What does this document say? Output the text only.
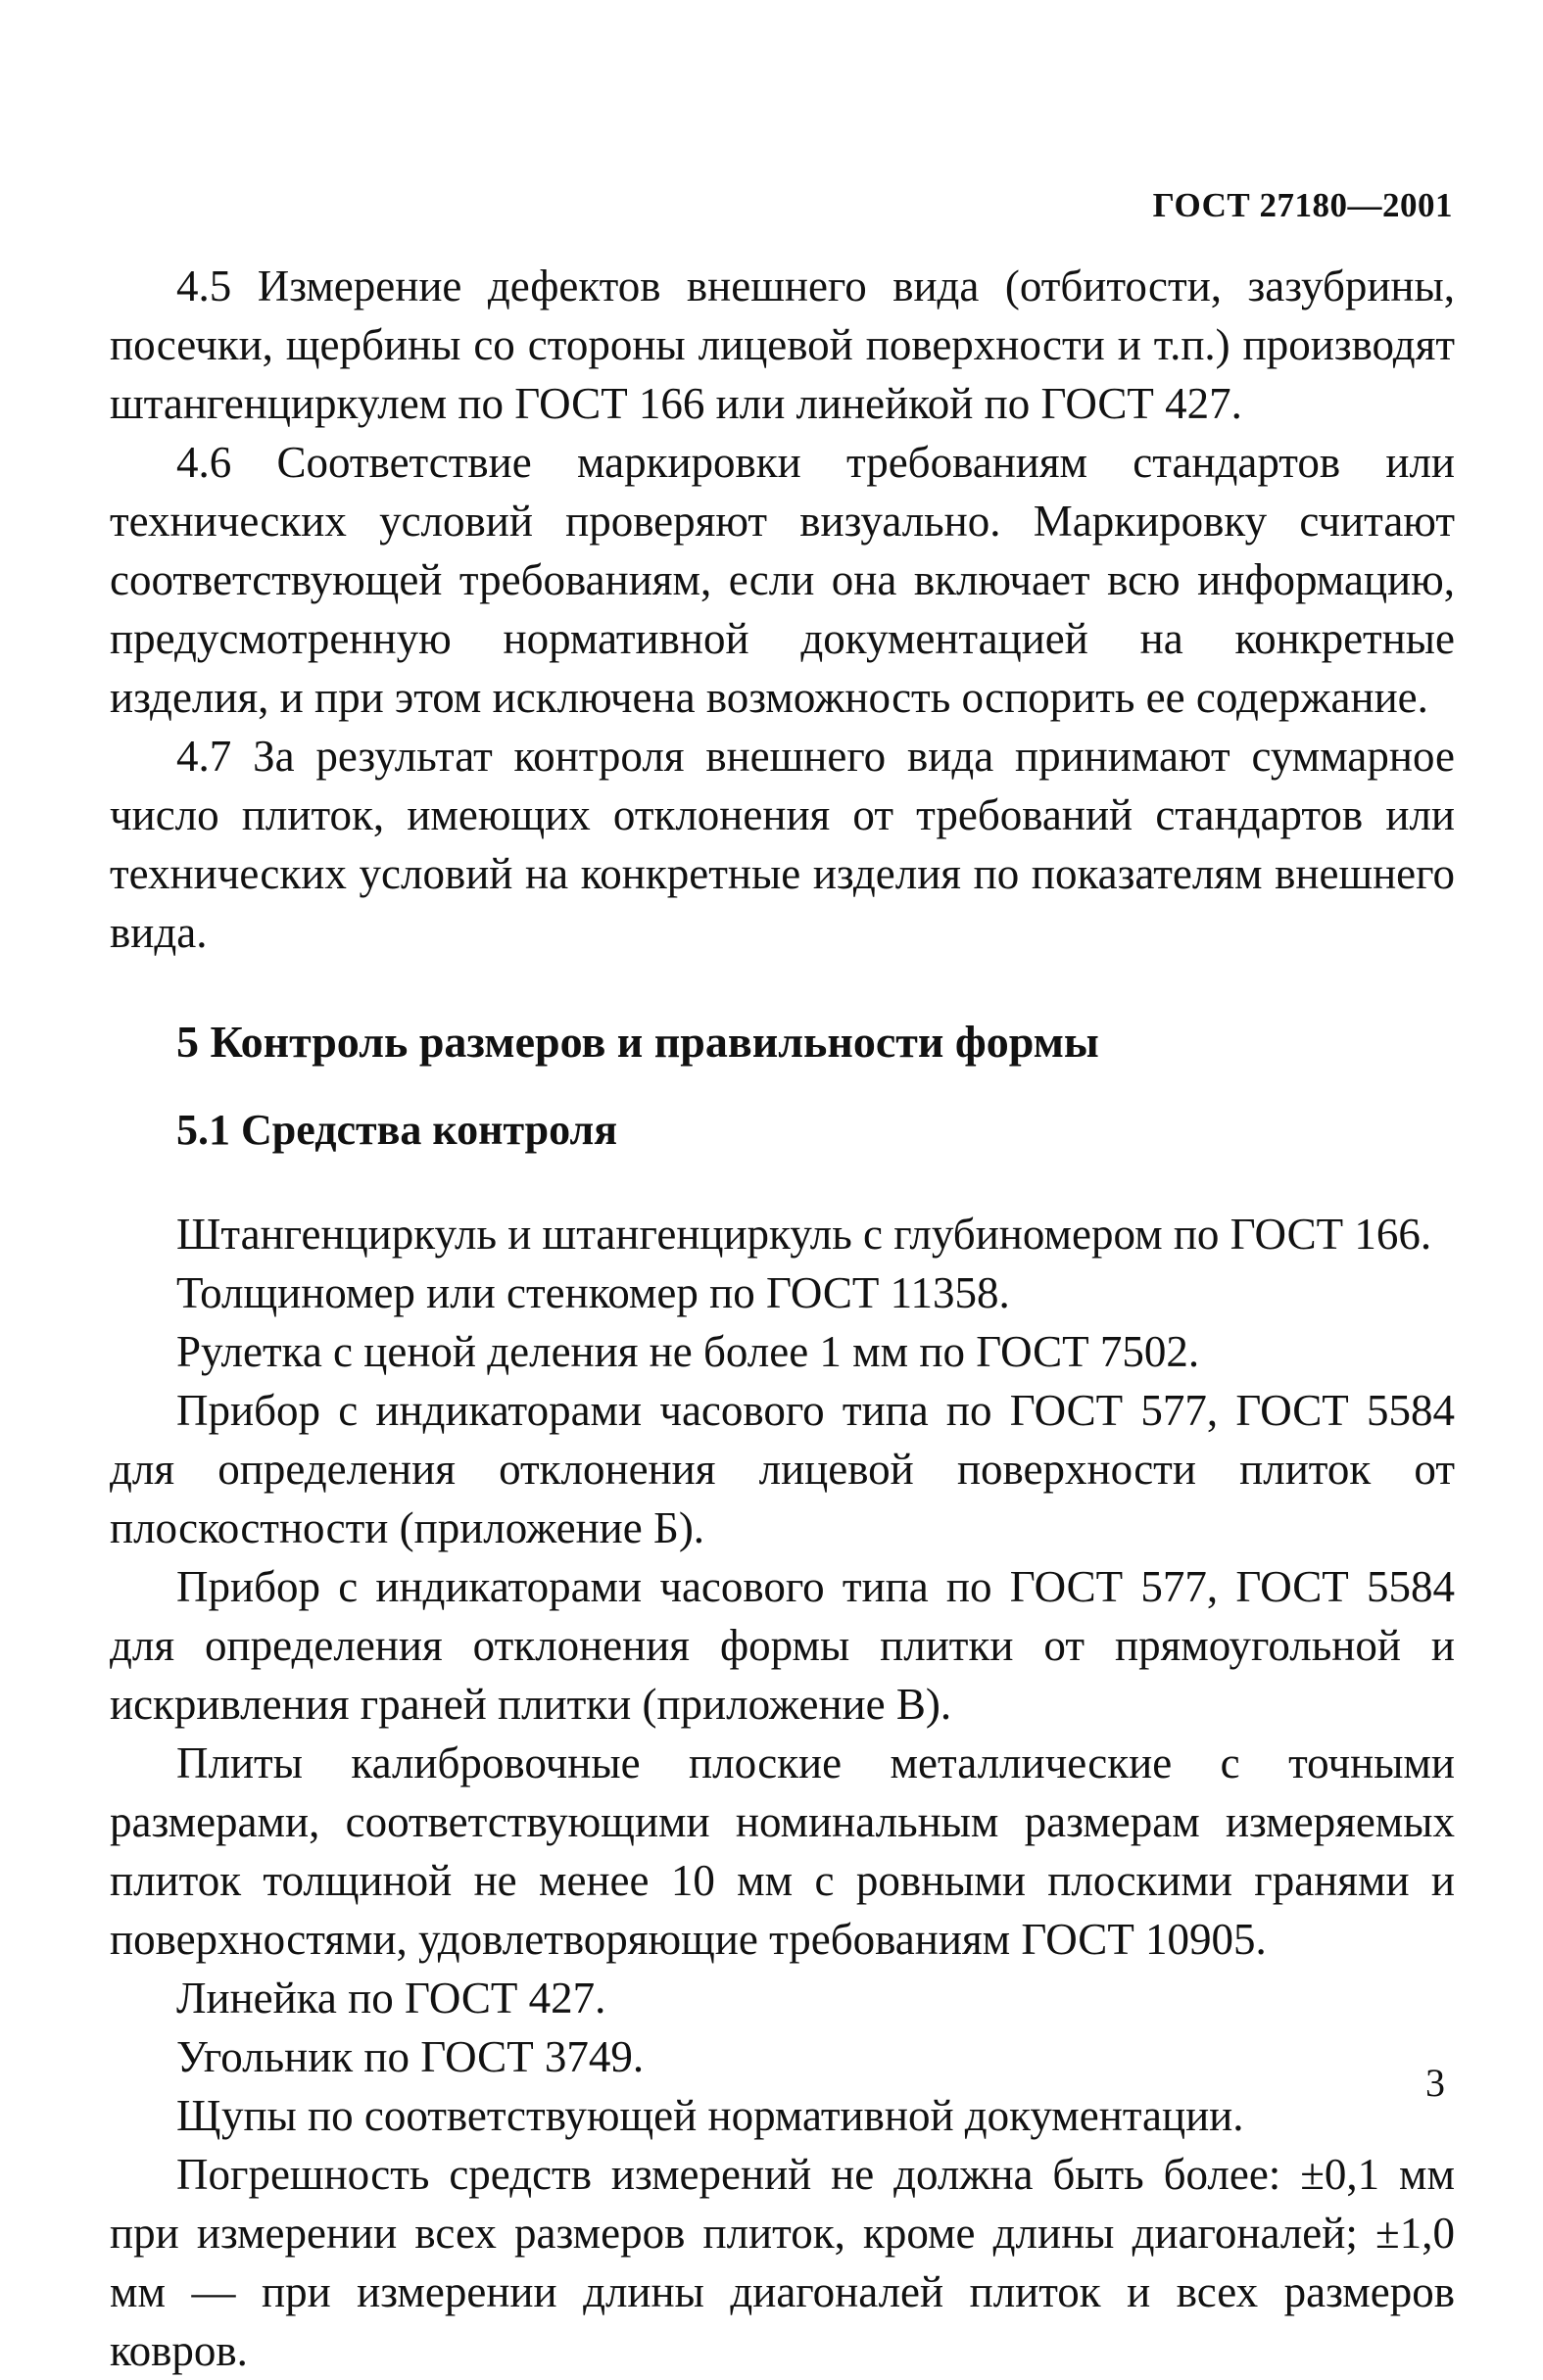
ГОСТ 27180—2001

4.5 Измерение дефектов внешнего вида (отбитости, зазубрины, посечки, щербины со стороны лицевой поверхности и т.п.) производят штангенциркулем по ГОСТ 166 или линейкой по ГОСТ 427.

4.6 Соответствие маркировки требованиям стандартов или технических условий проверяют визуально. Маркировку считают соответствующей требованиям, если она включает всю информацию, предусмотренную нормативной документацией на конкретные изделия, и при этом исключена возможность оспорить ее содержание.

4.7 За результат контроля внешнего вида принимают суммарное число плиток, имеющих отклонения от требований стандартов или технических условий на конкретные изделия по показателям внешнего вида.

5 Контроль размеров и правильности формы
5.1 Средства контроля

Штангенциркуль и штангенциркуль с глубиномером по ГОСТ 166.

Толщиномер или стенкомер по ГОСТ 11358.

Рулетка с ценой деления не более 1 мм по ГОСТ 7502.

Прибор с индикаторами часового типа по ГОСТ 577, ГОСТ 5584 для определения отклонения лицевой поверхности плиток от плоскостности (приложение Б).

Прибор с индикаторами часового типа по ГОСТ 577, ГОСТ 5584 для определения отклонения формы плитки от прямоугольной и искривления граней плитки (приложение В).

Плиты калибровочные плоские металлические с точными размерами, соответствующими номинальным размерам измеряемых плиток толщиной не менее 10 мм с ровными плоскими гранями и поверхностями, удовлетворяющие требованиям ГОСТ 10905.

Линейка по ГОСТ 427.

Угольник по ГОСТ 3749.

Щупы по соответствующей нормативной документации.

Погрешность средств измерений не должна быть более: ±0,1 мм при измерении всех размеров плиток, кроме длины диагоналей; ±1,0 мм — при измерении длины диагоналей плиток и всех размеров ковров.

3
